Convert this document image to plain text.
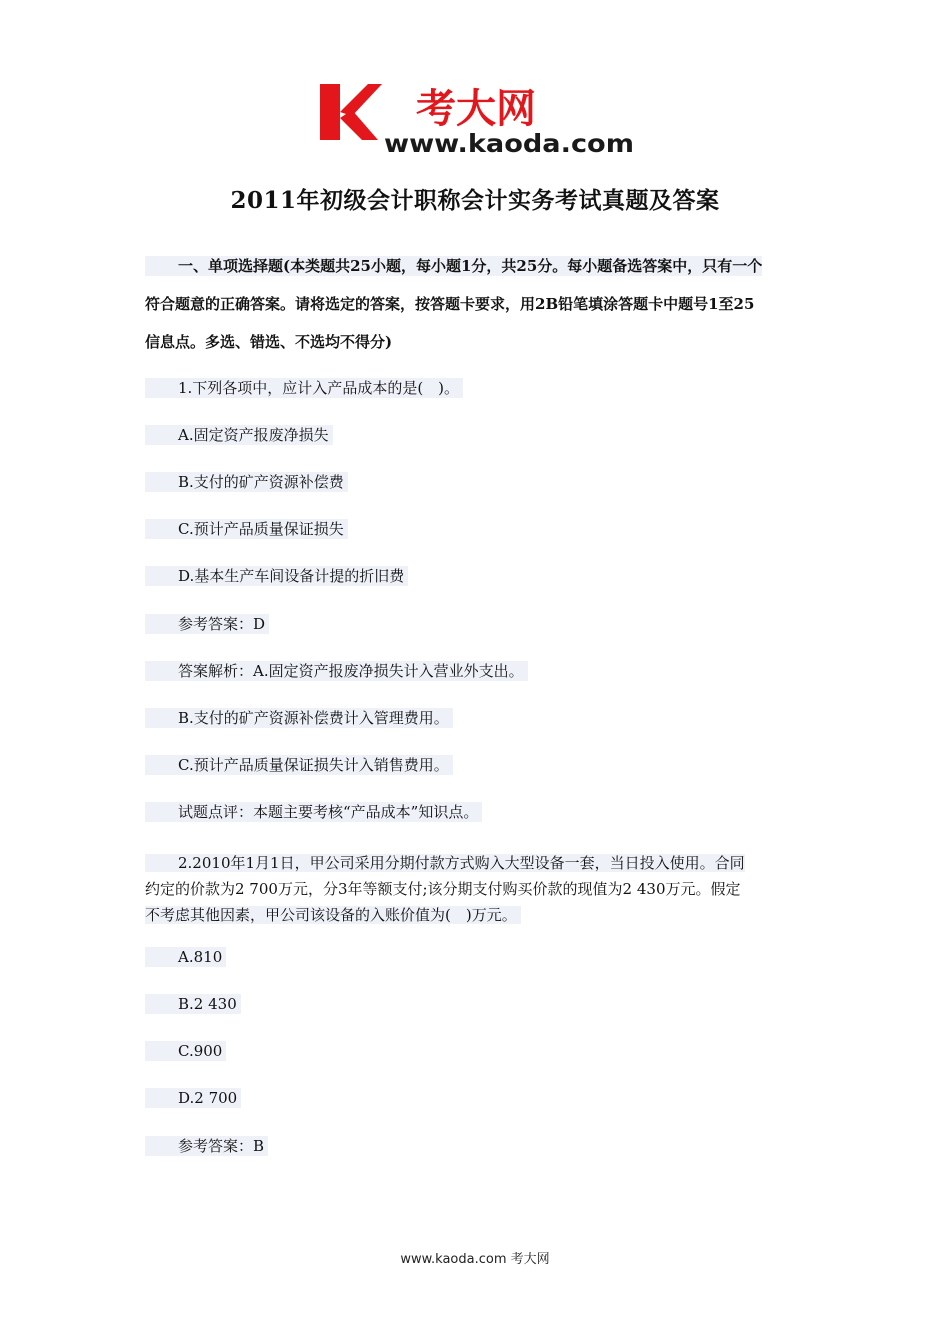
考大网
www.kaoda.com
2011年初级会计职称会计实务考试真题及答案
一、单项选择题(本类题共25小题，每小题1分，共25分。每小题备选答案中，只有一个
符合题意的正确答案。请将选定的答案，按答题卡要求，用2B铅笔填涂答题卡中题号1至25
信息点。多选、错选、不选均不得分)
1.下列各项中，应计入产品成本的是(　)。
A.固定资产报废净损失
B.支付的矿产资源补偿费
C.预计产品质量保证损失
D.基本生产车间设备计提的折旧费
参考答案：D
答案解析：A.固定资产报废净损失计入营业外支出。
B.支付的矿产资源补偿费计入管理费用。
C.预计产品质量保证损失计入销售费用。
试题点评：本题主要考核“产品成本”知识点。
2.2010年1月1日，甲公司采用分期付款方式购入大型设备一套，当日投入使用。合同
约定的价款为2 700万元，分3年等额支付;该分期支付购买价款的现值为2 430万元。假定
不考虑其他因素，甲公司该设备的入账价值为(　)万元。
A.810
B.2 430
C.900
D.2 700
参考答案：B
www.kaoda.com 考大网
